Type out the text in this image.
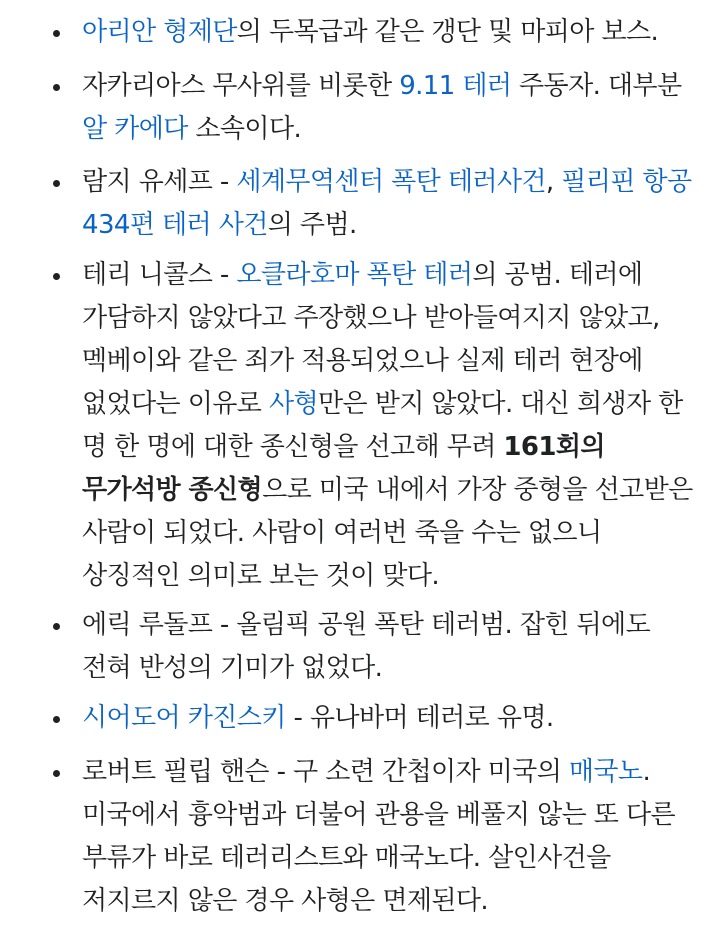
아리안 형제단의 두목급과 같은 갱단 및 마피아 보스.
자카리아스 무사위를 비롯한 9.11 테러 주동자. 대부분 알 카에다 소속이다.
람지 유세프 - 세계무역센터 폭탄 테러사건, 필리핀 항공 434편 테러 사건의 주범.
테리 니콜스 - 오클라호마 폭탄 테러의 공범. 테러에 가담하지 않았다고 주장했으나 받아들여지지 않았고, 멕베이와 같은 죄가 적용되었으나 실제 테러 현장에 없었다는 이유로 사형만은 받지 않았다. 대신 희생자 한 명 한 명에 대한 종신형을 선고해 무려 161회의 무가석방 종신형으로 미국 내에서 가장 중형을 선고받은 사람이 되었다. 사람이 여러번 죽을 수는 없으니 상징적인 의미로 보는 것이 맞다.
에릭 루돌프 - 올림픽 공원 폭탄 테러범. 잡힌 뒤에도 전혀 반성의 기미가 없었다.
시어도어 카진스키 - 유나바머 테러로 유명.
로버트 필립 핸슨 - 구 소련 간첩이자 미국의 매국노. 미국에서 흉악범과 더불어 관용을 베풀지 않는 또 다른 부류가 바로 테러리스트와 매국노다. 살인사건을 저지르지 않은 경우 사형은 면제된다.
